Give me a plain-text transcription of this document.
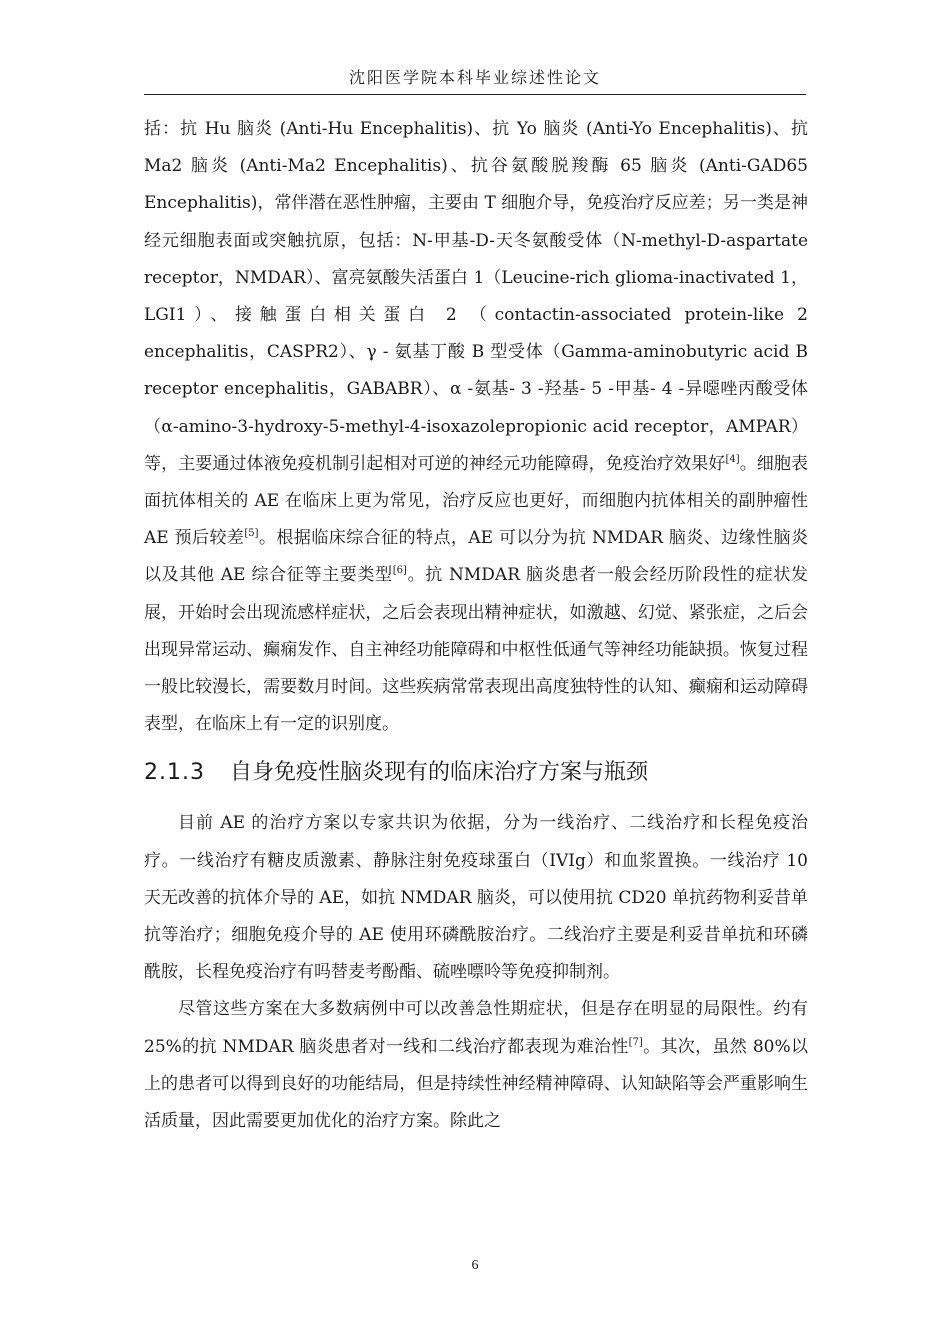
沈阳医学院本科毕业综述性论文

括：抗 Hu 脑炎 (Anti-Hu Encephalitis)、抗 Yo 脑炎 (Anti-Yo Encephalitis)、抗 Ma2 脑炎 (Anti-Ma2 Encephalitis)、抗谷氨酸脱羧酶 65 脑炎 (Anti-GAD65 Encephalitis)，常伴潜在恶性肿瘤，主要由 T 细胞介导，免疫治疗反应差；另一类是神经元细胞表面或突触抗原，包括：N-甲基-D-天冬氨酸受体（N-methyl-D-aspartate receptor，NMDAR）、富亮氨酸失活蛋白 1（Leucine-rich glioma-inactivated 1，LGI1）、接触蛋白相关蛋白 2 （contactin-associated protein-like 2 encephalitis，CASPR2）、γ - 氨基丁酸 B 型受体（Gamma-aminobutyric acid B receptor encephalitis，GABABR）、α -氨基- 3 -羟基- 5 -甲基- 4 -异噁唑丙酸受体 （α-amino-3-hydroxy-5-methyl-4-isoxazolepropionic acid receptor，AMPAR）等，主要通过体液免疫机制引起相对可逆的神经元功能障碍，免疫治疗效果好[4]。细胞表面抗体相关的 AE 在临床上更为常见，治疗反应也更好，而细胞内抗体相关的副肿瘤性 AE 预后较差[5]。根据临床综合征的特点，AE 可以分为抗 NMDAR 脑炎、边缘性脑炎以及其他 AE 综合征等主要类型[6]。抗 NMDAR 脑炎患者一般会经历阶段性的症状发展，开始时会出现流感样症状，之后会表现出精神症状，如激越、幻觉、紧张症，之后会出现异常运动、癫痫发作、自主神经功能障碍和中枢性低通气等神经功能缺损。恢复过程一般比较漫长，需要数月时间。这些疾病常常表现出高度独特性的认知、癫痫和运动障碍表型，在临床上有一定的识别度。

2.1.3 自身免疫性脑炎现有的临床治疗方案与瓶颈

目前 AE 的治疗方案以专家共识为依据，分为一线治疗、二线治疗和长程免疫治疗。一线治疗有糖皮质激素、静脉注射免疫球蛋白（IVIg）和血浆置换。一线治疗 10 天无改善的抗体介导的 AE，如抗 NMDAR 脑炎，可以使用抗 CD20 单抗药物利妥昔单抗等治疗；细胞免疫介导的 AE 使用环磷酰胺治疗。二线治疗主要是利妥昔单抗和环磷酰胺，长程免疫治疗有吗替麦考酚酯、硫唑嘌呤等免疫抑制剂。

尽管这些方案在大多数病例中可以改善急性期症状，但是存在明显的局限性。约有 25%的抗 NMDAR 脑炎患者对一线和二线治疗都表现为难治性[7]。其次，虽然 80%以上的患者可以得到良好的功能结局，但是持续性神经精神障碍、认知缺陷等会严重影响生活质量，因此需要更加优化的治疗方案。除此之

6
